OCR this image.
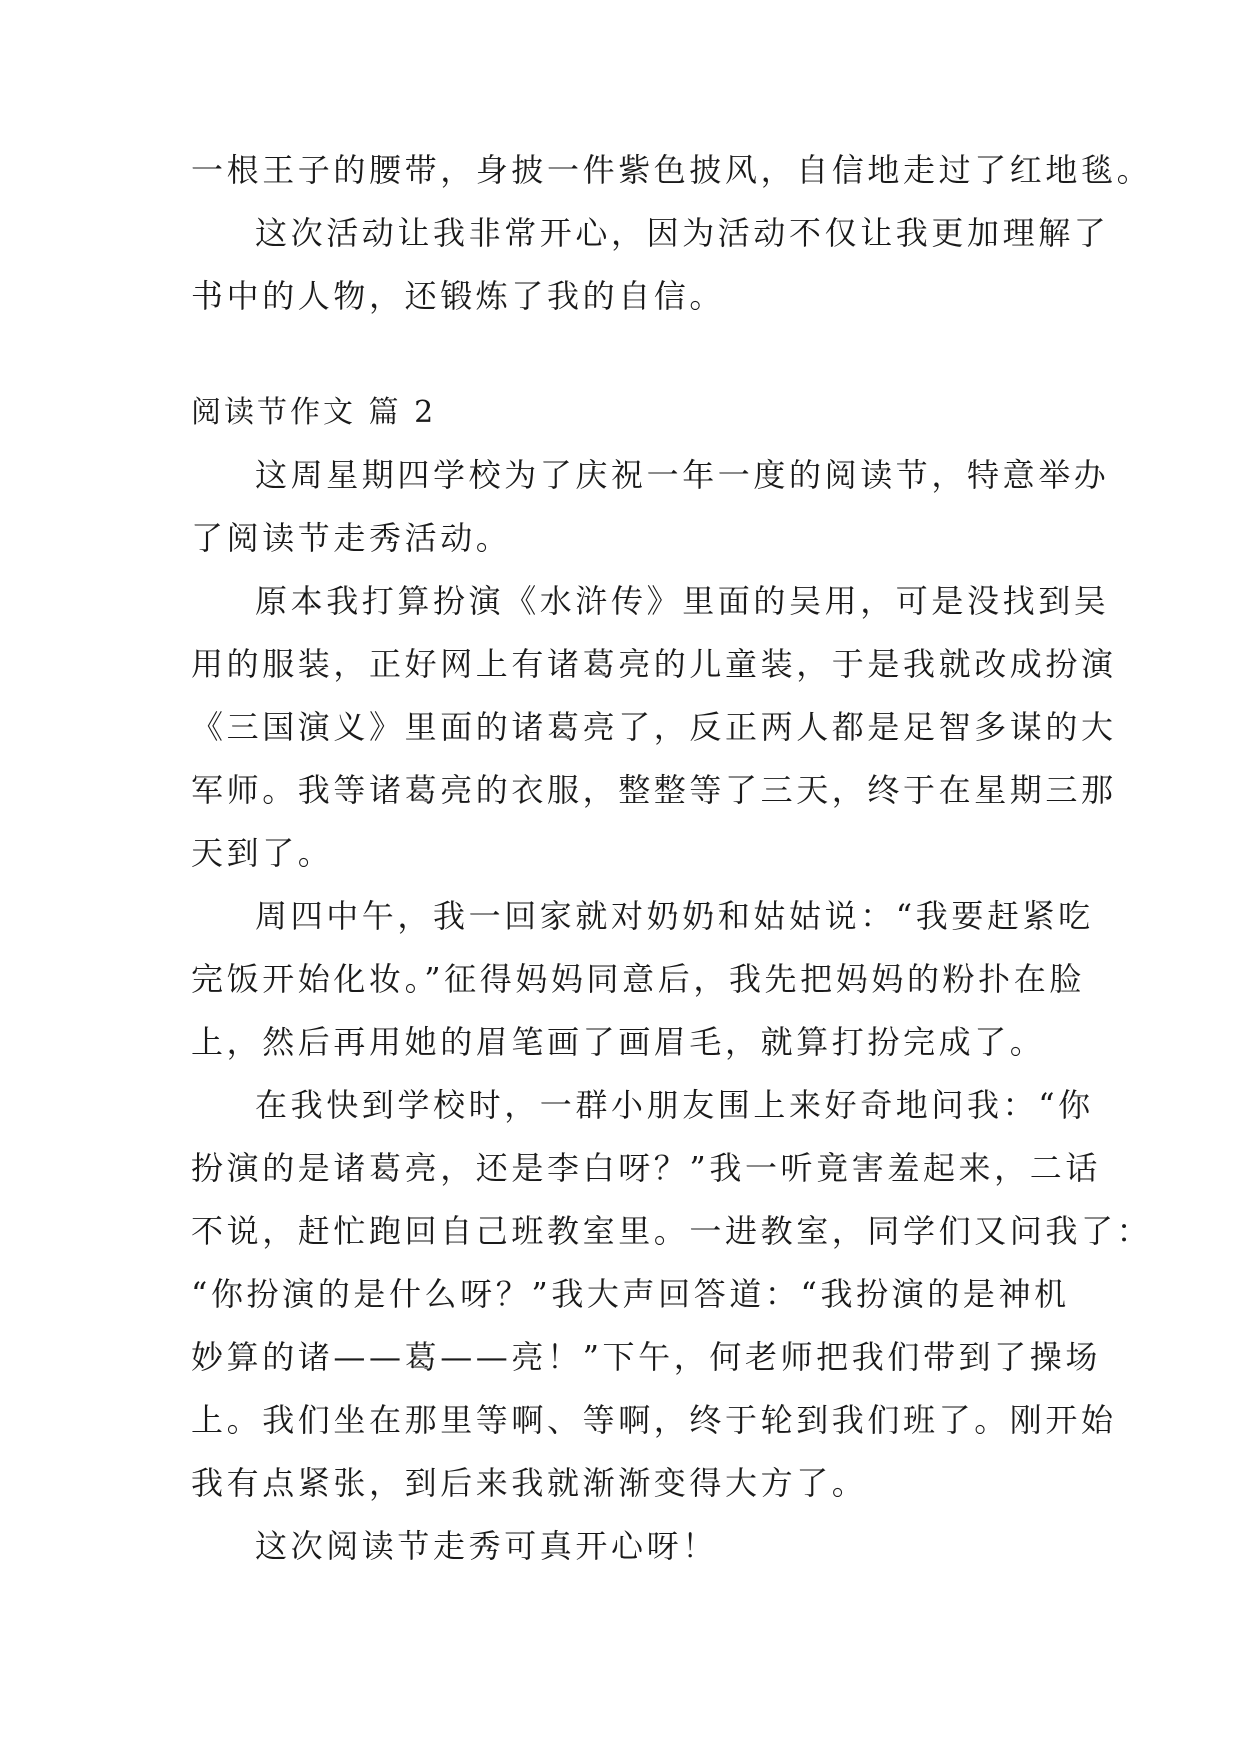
一根王子的腰带，身披一件紫色披风，自信地走过了红地毯。
这次活动让我非常开心，因为活动不仅让我更加理解了
书中的人物，还锻炼了我的自信。
阅读节作文 篇 2
这周星期四学校为了庆祝一年一度的阅读节，特意举办
了阅读节走秀活动。
原本我打算扮演《水浒传》里面的吴用，可是没找到吴
用的服装，正好网上有诸葛亮的儿童装，于是我就改成扮演
《三国演义》里面的诸葛亮了，反正两人都是足智多谋的大
军师。我等诸葛亮的衣服，整整等了三天，终于在星期三那
天到了。
周四中午，我一回家就对奶奶和姑姑说：“我要赶紧吃
完饭开始化妆。”征得妈妈同意后，我先把妈妈的粉扑在脸
上，然后再用她的眉笔画了画眉毛，就算打扮完成了。
在我快到学校时，一群小朋友围上来好奇地问我：“你
扮演的是诸葛亮，还是李白呀？”我一听竟害羞起来，二话
不说，赶忙跑回自己班教室里。一进教室，同学们又问我了：
“你扮演的是什么呀？”我大声回答道：“我扮演的是神机
妙算的诸——葛——亮！”下午，何老师把我们带到了操场
上。我们坐在那里等啊、等啊，终于轮到我们班了。刚开始
我有点紧张，到后来我就渐渐变得大方了。
这次阅读节走秀可真开心呀！
